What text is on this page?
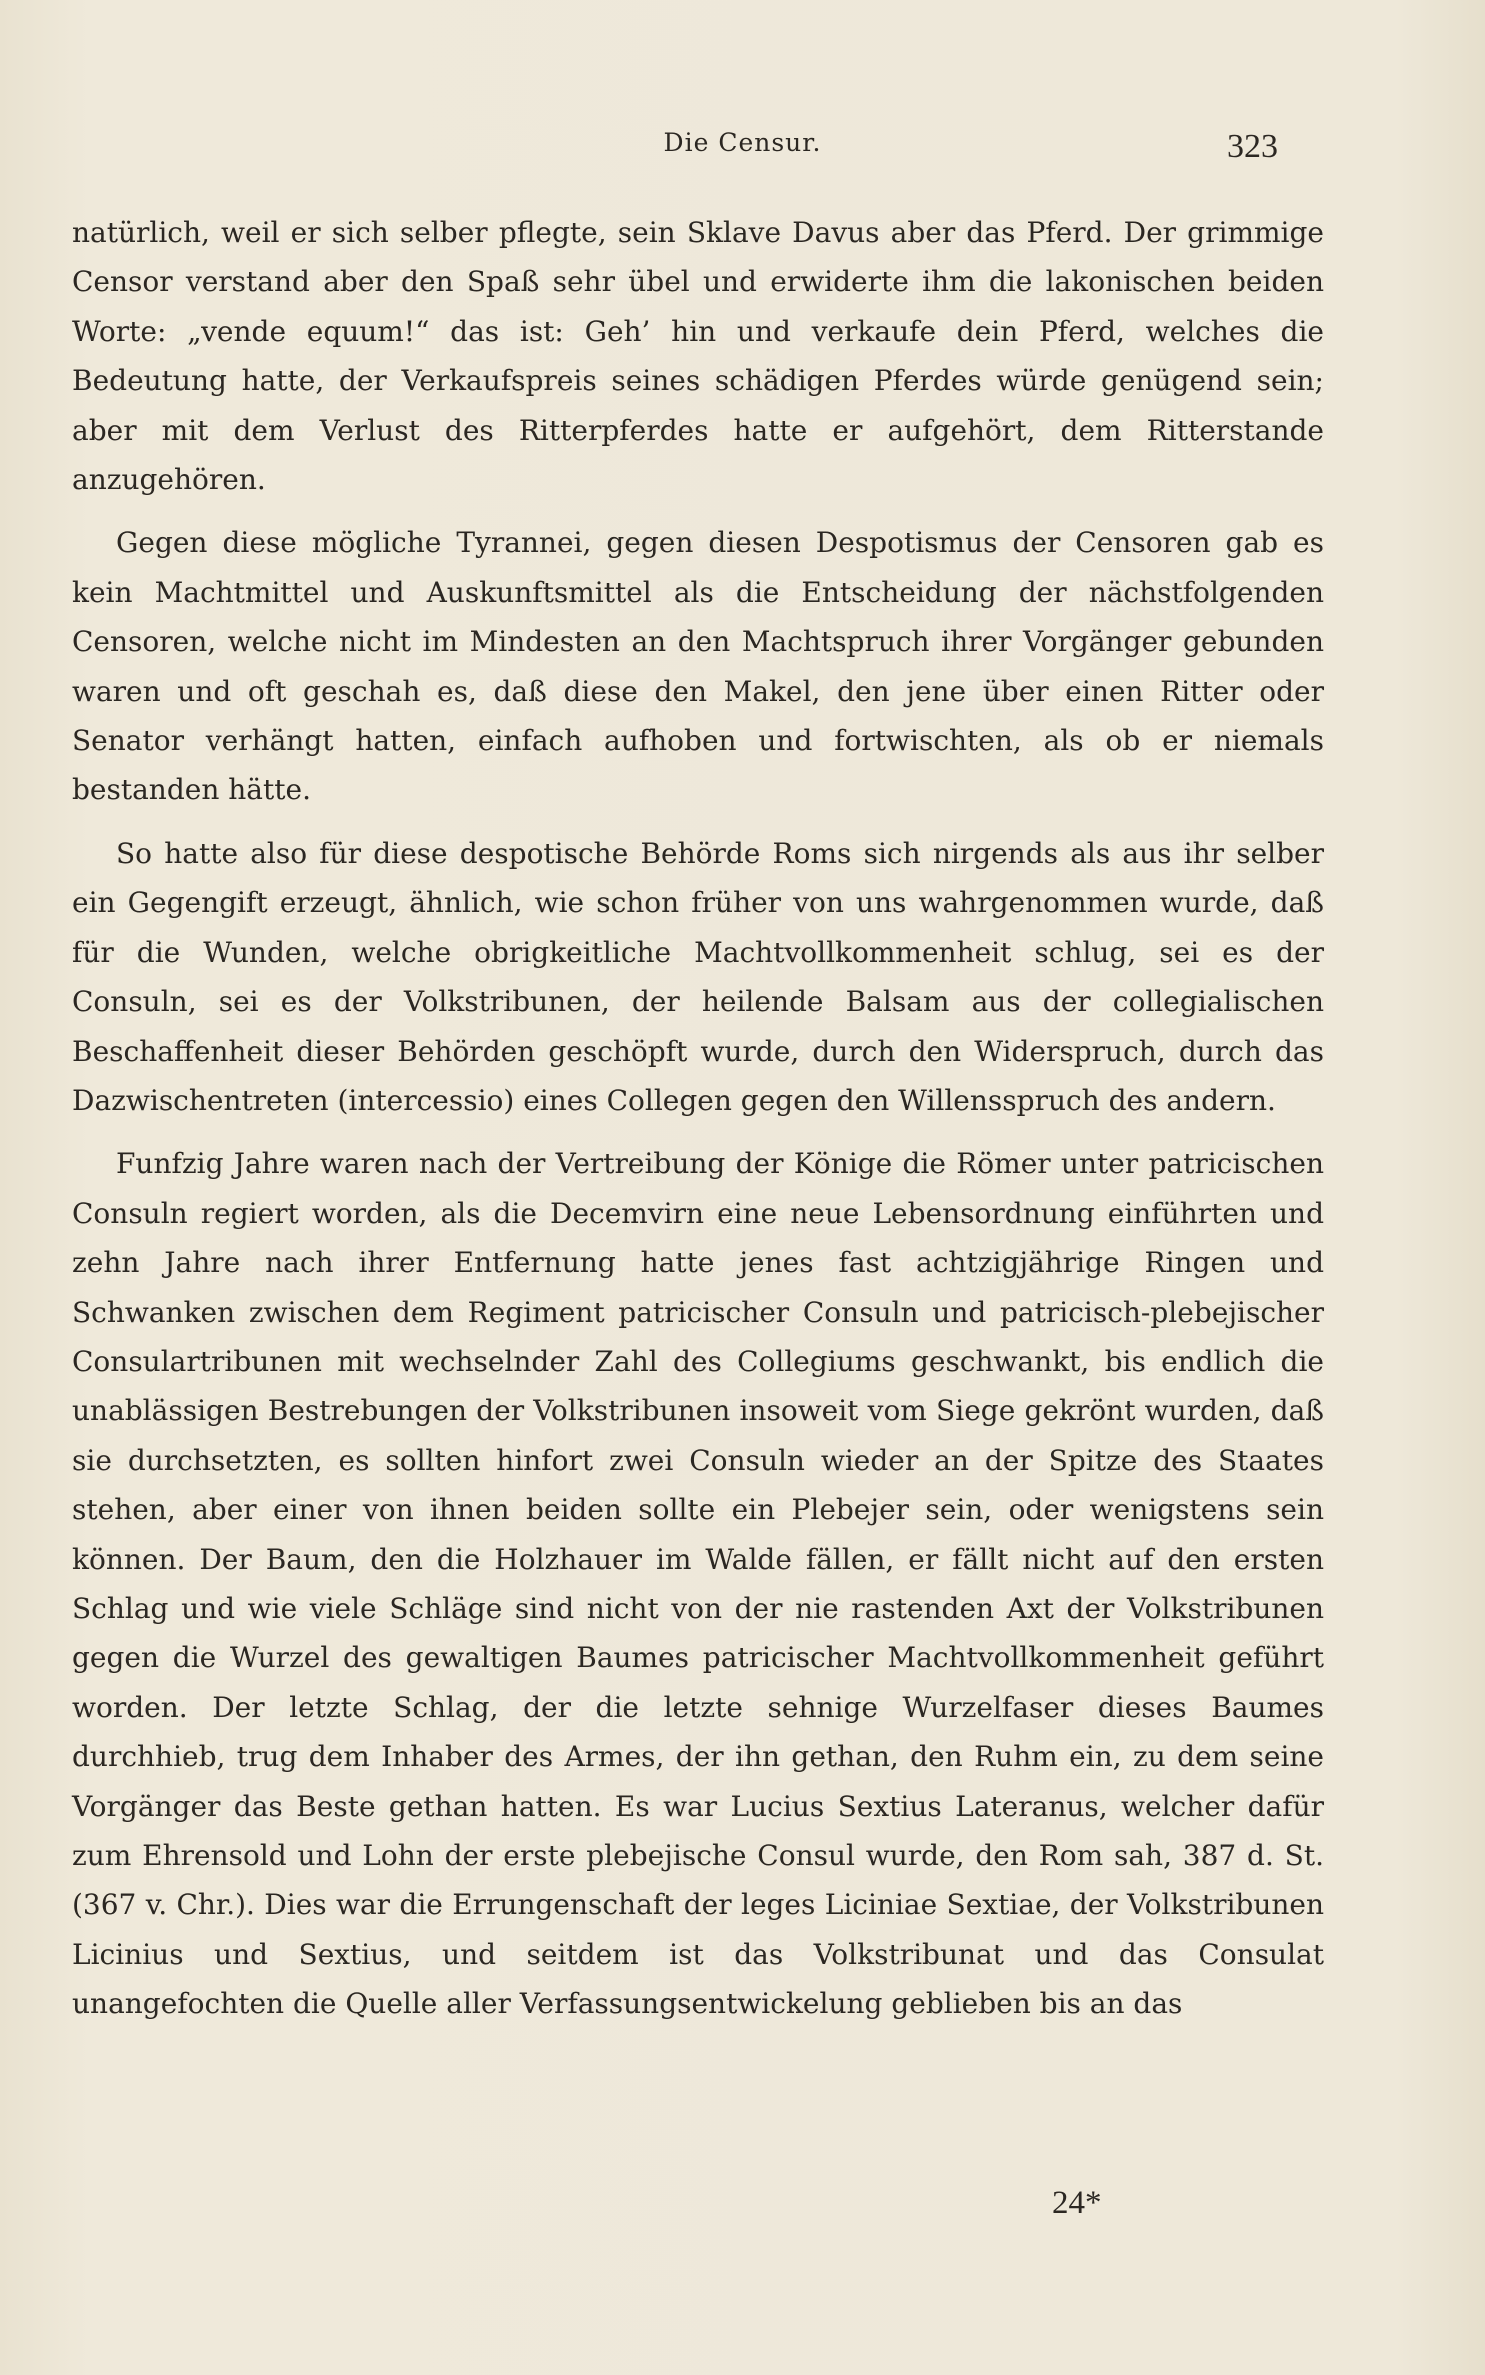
Die Censur.	323

natürlich, weil er sich selber pflegte, sein Sklave Davus aber das Pferd. Der grimmige Censor verstand aber den Spaß sehr übel und erwiderte ihm die lakonischen beiden Worte: „vende equum!“ das ist: Geh’ hin und verkaufe dein Pferd, welches die Bedeutung hatte, der Verkaufspreis seines schädigen Pferdes würde genügend sein; aber mit dem Verlust des Ritterpferdes hatte er aufgehört, dem Ritterstande anzugehören.

Gegen diese mögliche Tyrannei, gegen diesen Despotismus der Censoren gab es kein Machtmittel und Auskunftsmittel als die Entscheidung der nächstfolgenden Censoren, welche nicht im Mindesten an den Machtspruch ihrer Vorgänger gebunden waren und oft geschah es, daß diese den Makel, den jene über einen Ritter oder Senator verhängt hatten, einfach aufhoben und fortwischten, als ob er niemals bestanden hätte.

So hatte also für diese despotische Behörde Roms sich nirgends als aus ihr selber ein Gegengift erzeugt, ähnlich, wie schon früher von uns wahrgenommen wurde, daß für die Wunden, welche obrigkeitliche Machtvollkommenheit schlug, sei es der Consuln, sei es der Volkstribunen, der heilende Balsam aus der collegialischen Beschaffenheit dieser Behörden geschöpft wurde, durch den Widerspruch, durch das Dazwischentreten (intercessio) eines Collegen gegen den Willensspruch des andern.

Funfzig Jahre waren nach der Vertreibung der Könige die Römer unter patricischen Consuln regiert worden, als die Decemvirn eine neue Lebensordnung einführten und zehn Jahre nach ihrer Entfernung hatte jenes fast achtzigjährige Ringen und Schwanken zwischen dem Regiment patricischer Consuln und patricisch-plebejischer Consulartribunen mit wechselnder Zahl des Collegiums geschwankt, bis endlich die unablässigen Bestrebungen der Volkstribunen insoweit vom Siege gekrönt wurden, daß sie durchsetzten, es sollten hinfort zwei Consuln wieder an der Spitze des Staates stehen, aber einer von ihnen beiden sollte ein Plebejer sein, oder wenigstens sein können. Der Baum, den die Holzhauer im Walde fällen, er fällt nicht auf den ersten Schlag und wie viele Schläge sind nicht von der nie rastenden Axt der Volkstribunen gegen die Wurzel des gewaltigen Baumes patricischer Machtvollkommenheit geführt worden. Der letzte Schlag, der die letzte sehnige Wurzelfaser dieses Baumes durchhieb, trug dem Inhaber des Armes, der ihn gethan, den Ruhm ein, zu dem seine Vorgänger das Beste gethan hatten. Es war Lucius Sextius Lateranus, welcher dafür zum Ehrensold und Lohn der erste plebejische Consul wurde, den Rom sah, 387 d. St. (367 v. Chr.). Dies war die Errungenschaft der leges Liciniae Sextiae, der Volkstribunen Licinius und Sextius, und seitdem ist das Volkstribunat und das Consulat unangefochten die Quelle aller Verfassungsentwickelung geblieben bis an das

24*
